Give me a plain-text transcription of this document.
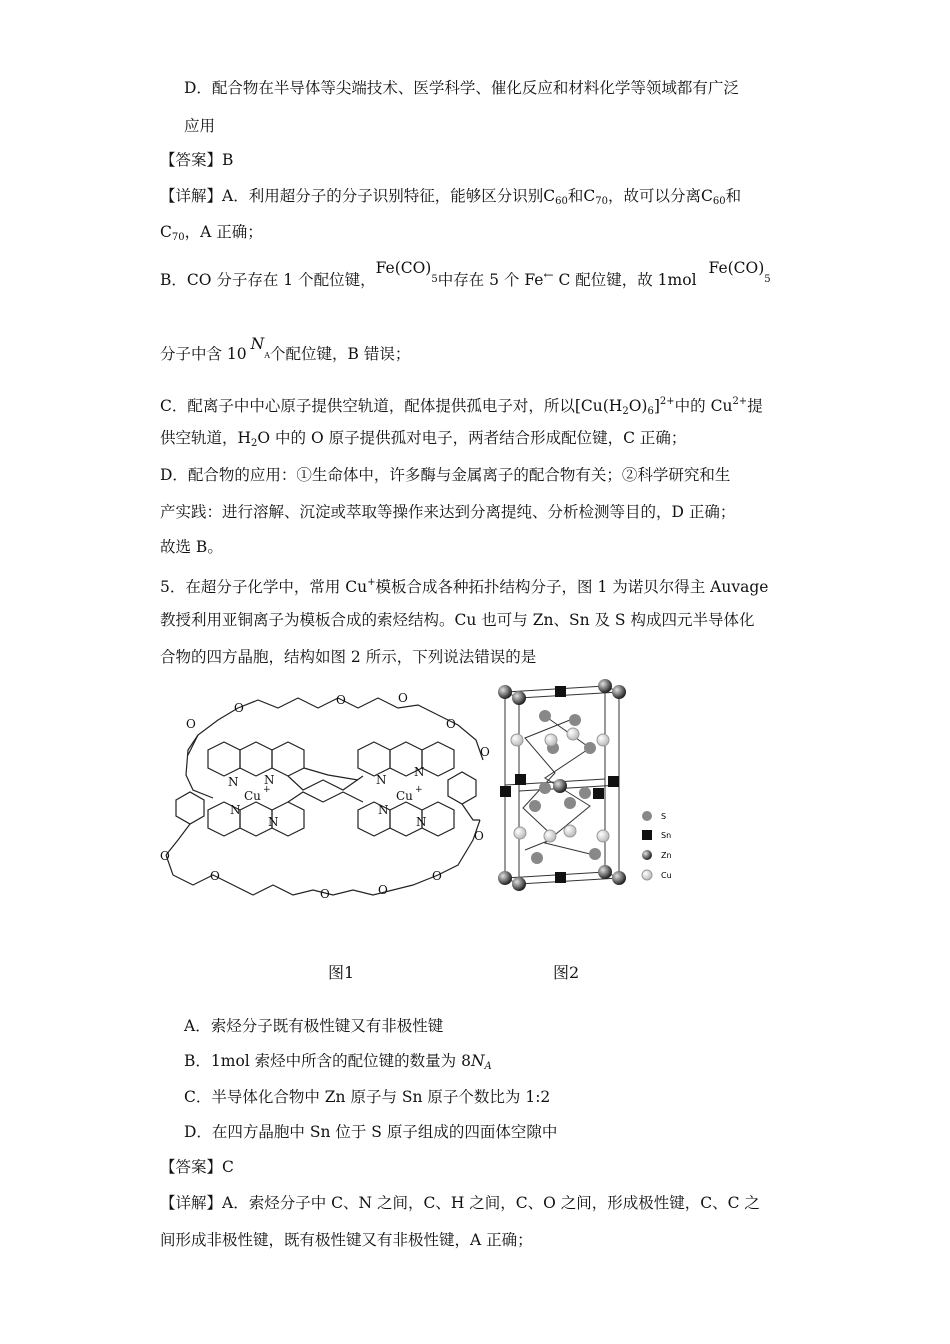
D．配合物在半导体等尖端技术、医学科学、催化反应和材料化学等领域都有广泛
应用
【答案】B
【详解】A．利用超分子的分子识别特征，能够区分识别$C_{60}$和$C_{70}$，故可以分离$C_{60}$和
$C_{70}$，A 正确；
B．CO 分子存在 1 个配位键，$Fe(CO)_5$中存在 5 个 Fe← C 配位键，故 $1molFe(CO)_5$
分子中含 $10N_A$个配位键，B 错误；
C．配离子中中心原子提供空轨道，配体提供孤电子对，所以$[Cu(H_2O)_6]^{2+}$中的 $Cu^{2+}$提
供空轨道，$H_2O$ 中的 O 原子提供孤对电子，两者结合形成配位键，C 正确；
D．配合物的应用：①生命体中，许多酶与金属离子的配合物有关；②科学研究和生
产实践：进行溶解、沉淀或萃取等操作来达到分离提纯、分析检测等目的，D 正确；
故选 B。
5．在超分子化学中，常用 Cu+模板合成各种拓扑结构分子，图 1 为诺贝尔得主 Auvage
教授利用亚铜离子为模板合成的索烃结构。Cu 也可与 Zn、Sn 及 S 构成四元半导体化
合物的四方晶胞，结构如图 2 所示，下列说法错误的是
O
O	O
O	O
O
O
O
O	O
O
O
N N
N
N
N
N
N
N
Cu +	Cu +
S
Sn
Zn
Cu
图1	图2
A．索烃分子既有极性键又有非极性键
B．1mol 索烃中所含的配位键的数量为 $8N_A$
C．半导体化合物中 Zn 原子与 Sn 原子个数比为 1:2
D．在四方晶胞中 Sn 位于 S 原子组成的四面体空隙中
【答案】C
【详解】A．索烃分子中 C、N 之间，C、H 之间，C、O 之间，形成极性键，C、C 之
间形成非极性键，既有极性键又有非极性键，A 正确；
